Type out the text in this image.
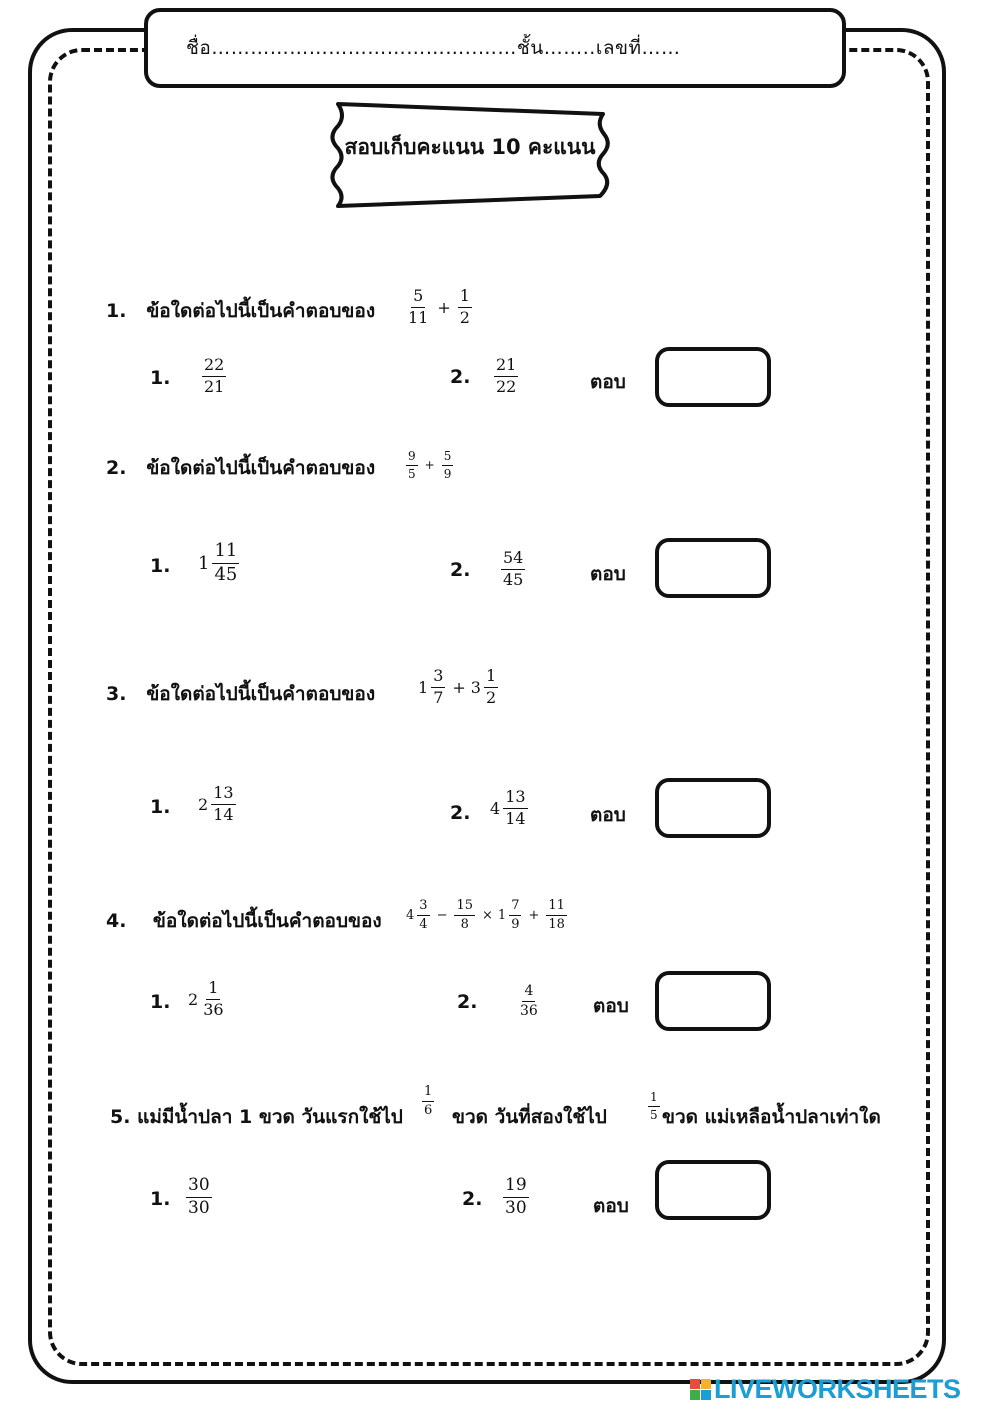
ชื่อ…………………………………..……ชั้น……..เลขที่……
สอบเก็บคะแนน 10 คะแนน
1. ข้อใดต่อไปนี้เป็นคำตอบของ $\frac{5}{11} + \frac{1}{2}$
1. $\frac{22}{21}$	2. $\frac{21}{22}$	ตอบ
2. ข้อใดต่อไปนี้เป็นคำตอบของ	$\frac{9}{5} + \frac{5}{9}$
1. $1 \frac{11}{45}$	2. $\frac{54}{45}$	ตอบ
3. ข้อใดต่อไปนี้เป็นคำตอบของ	$1 \frac{3}{7} + 3 \frac{1}{2}$
1. $2 \frac{13}{14}$	2. $4 \frac{13}{14}$	ตอบ
4. ข้อใดต่อไปนี้เป็นคำตอบของ $4 \frac{3}{4} - \frac{15}{8} \times 1 \frac{7}{9} + \frac{11}{18}$
1. $2 \frac{1}{36}$	2.	$\frac{4}{36}$	ตอบ
5. แม่มีน้ำปลา 1 ขวด วันแรกใช้ไป $\frac{1}{6}$ ขวด วันที่สองใช้ไป	$\frac{1}{5}$ ขวด แม่เหลือน้ำปลาเท่าใด
1. $\frac{30}{30}$	2. $\frac{19}{30}$	ตอบ
LIVEWORKSHEETS
